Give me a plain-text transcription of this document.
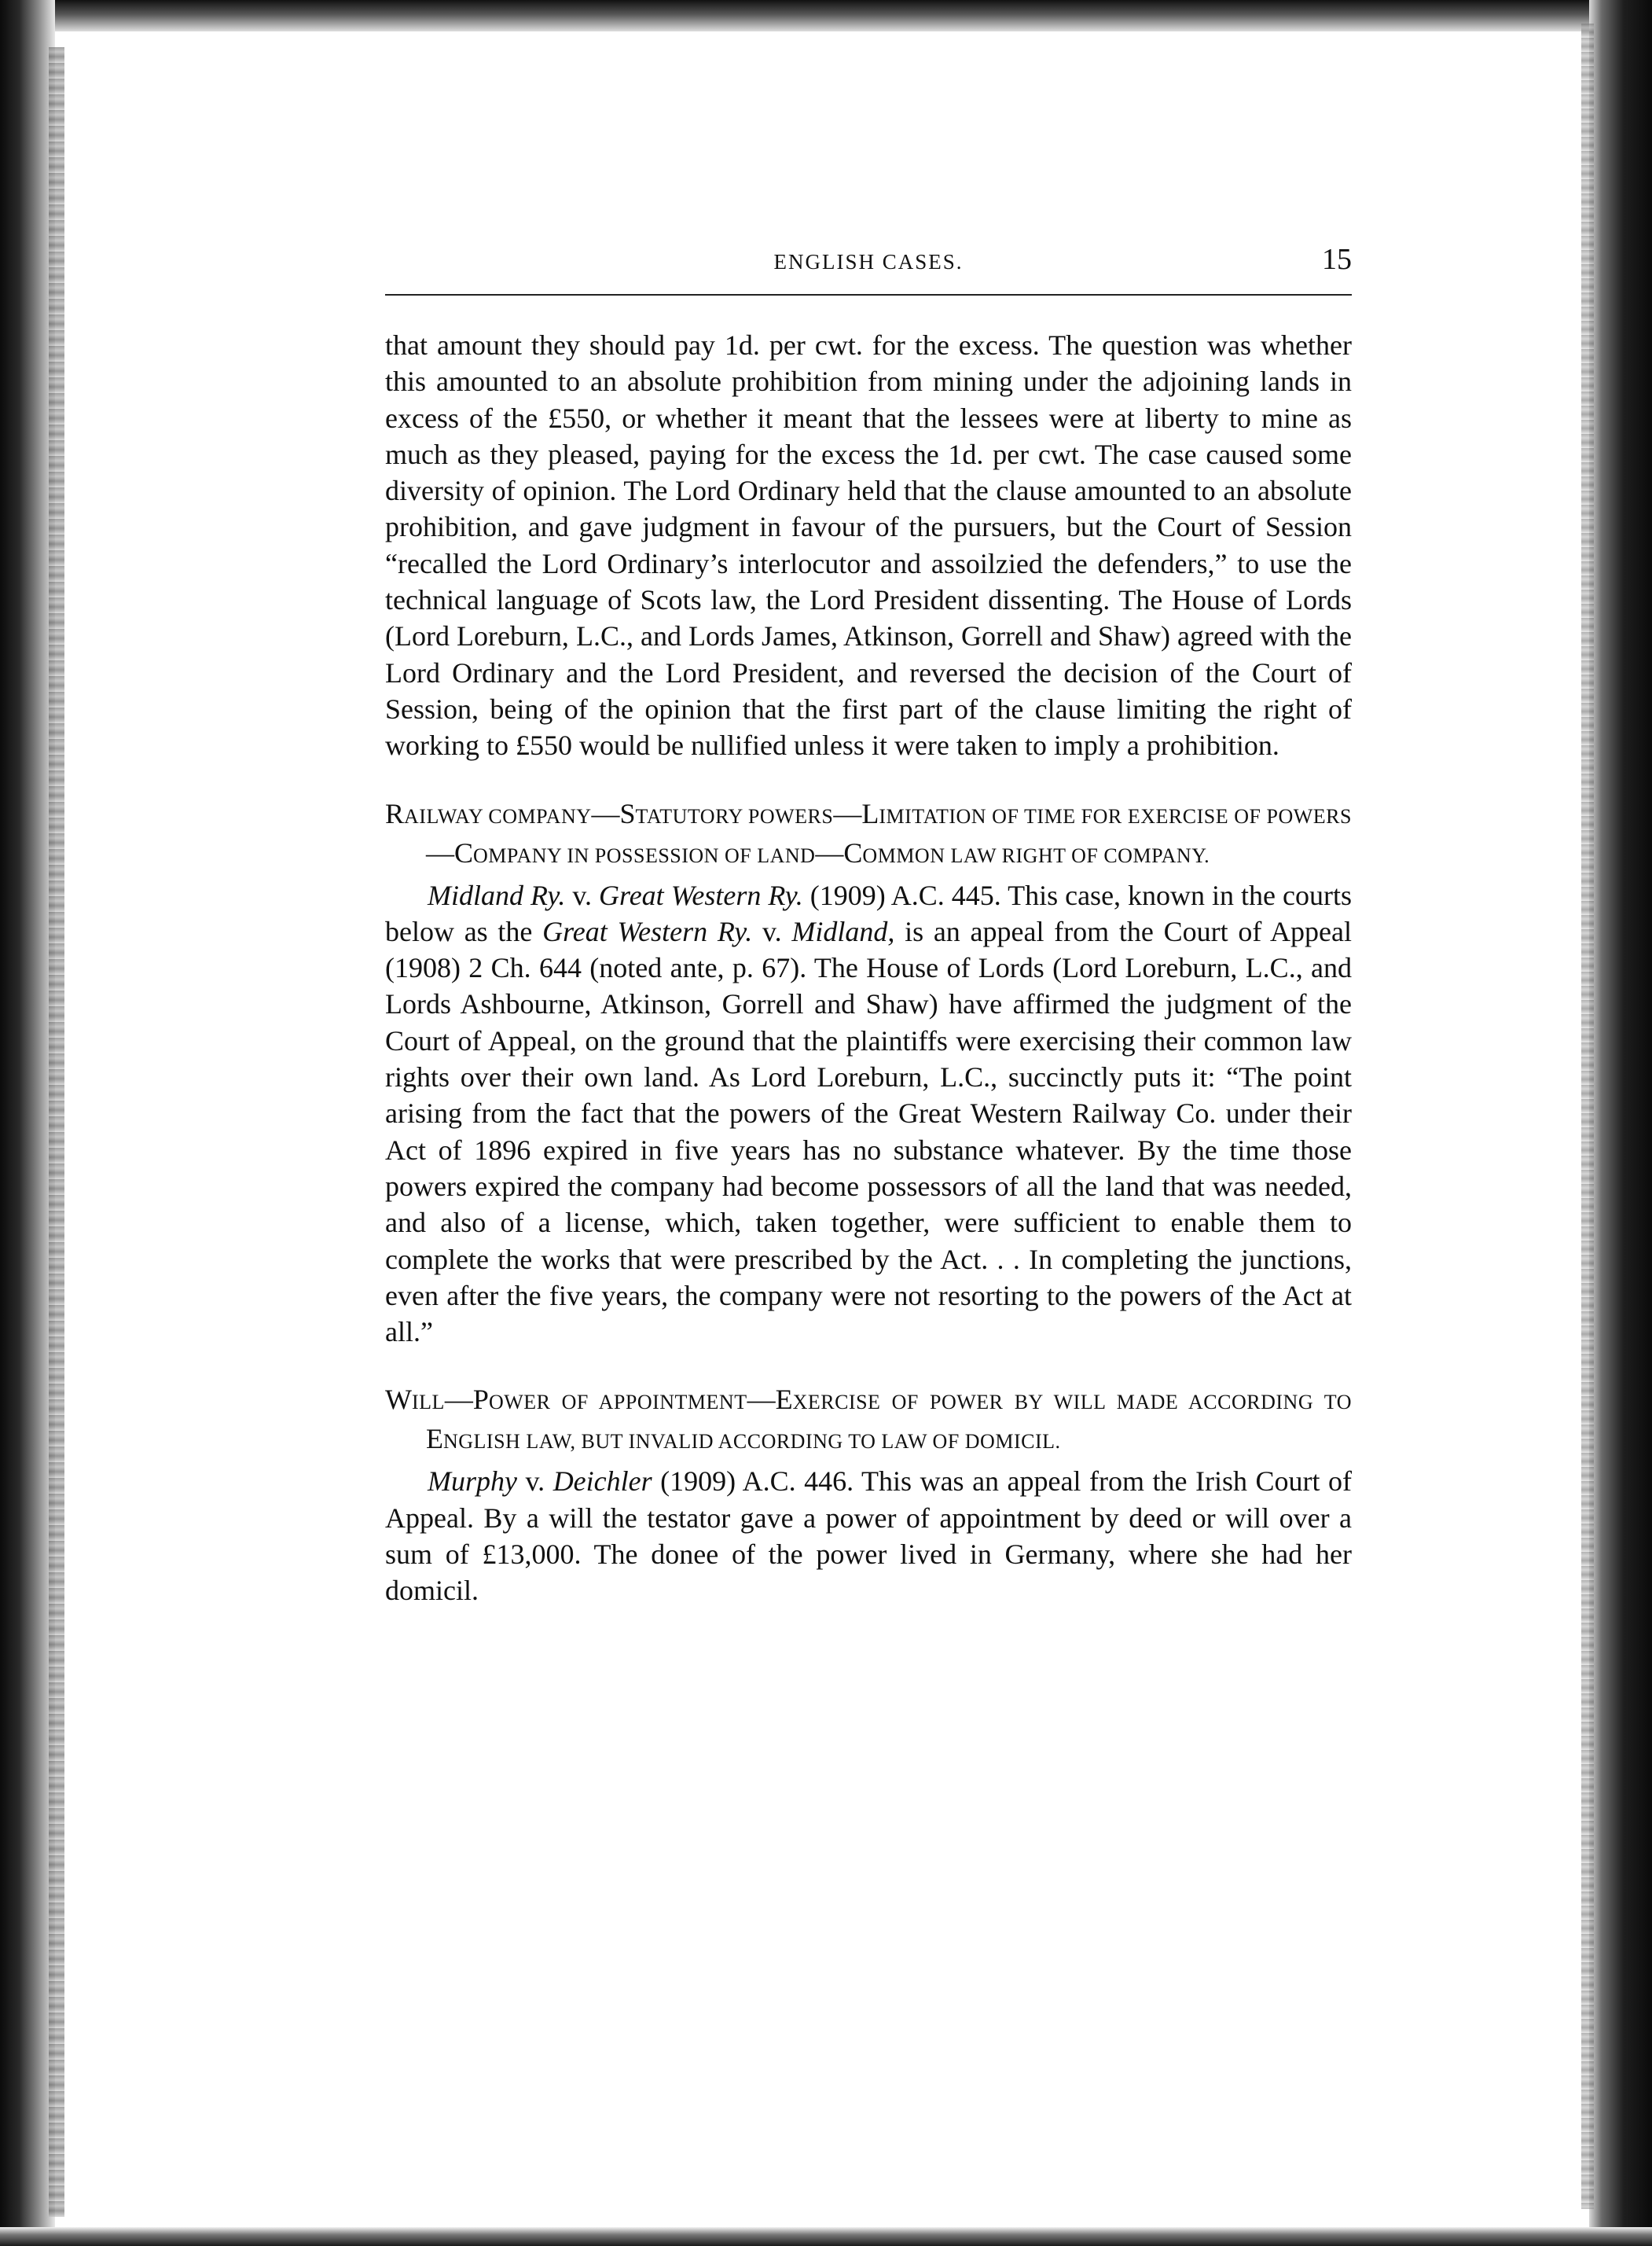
ENGLISH CASES.	15

that amount they should pay 1d. per cwt. for the excess. The question was whether this amounted to an absolute prohibition from mining under the adjoining lands in excess of the £550, or whether it meant that the lessees were at liberty to mine as much as they pleased, paying for the excess the 1d. per cwt. The case caused some diversity of opinion. The Lord Ordinary held that the clause amounted to an absolute prohibition, and gave judgment in favour of the pursuers, but the Court of Session “recalled the Lord Ordinary’s interlocutor and assoilzied the defenders,” to use the technical language of Scots law, the Lord President dissenting. The House of Lords (Lord Loreburn, L.C., and Lords James, Atkinson, Gorrell and Shaw) agreed with the Lord Ordinary and the Lord President, and reversed the decision of the Court of Session, being of the opinion that the first part of the clause limiting the right of working to £550 would be nullified unless it were taken to imply a prohibition.

RAILWAY COMPANY—STATUTORY POWERS—LIMITATION OF TIME FOR EXERCISE OF POWERS—COMPANY IN POSSESSION OF LAND—COMMON LAW RIGHT OF COMPANY.

Midland Ry. v. Great Western Ry. (1909) A.C. 445. This case, known in the courts below as the Great Western Ry. v. Midland, is an appeal from the Court of Appeal (1908) 2 Ch. 644 (noted ante, p. 67). The House of Lords (Lord Loreburn, L.C., and Lords Ashbourne, Atkinson, Gorrell and Shaw) have affirmed the judgment of the Court of Appeal, on the ground that the plaintiffs were exercising their common law rights over their own land. As Lord Loreburn, L.C., succinctly puts it: “The point arising from the fact that the powers of the Great Western Railway Co. under their Act of 1896 expired in five years has no substance whatever. By the time those powers expired the company had become possessors of all the land that was needed, and also of a license, which, taken together, were sufficient to enable them to complete the works that were prescribed by the Act. . . In completing the junctions, even after the five years, the company were not resorting to the powers of the Act at all.”

WILL—POWER OF APPOINTMENT—EXERCISE OF POWER BY WILL MADE ACCORDING TO ENGLISH LAW, BUT INVALID ACCORDING TO LAW OF DOMICIL.

Murphy v. Deichler (1909) A.C. 446. This was an appeal from the Irish Court of Appeal. By a will the testator gave a power of appointment by deed or will over a sum of £13,000. The donee of the power lived in Germany, where she had her domicil.
